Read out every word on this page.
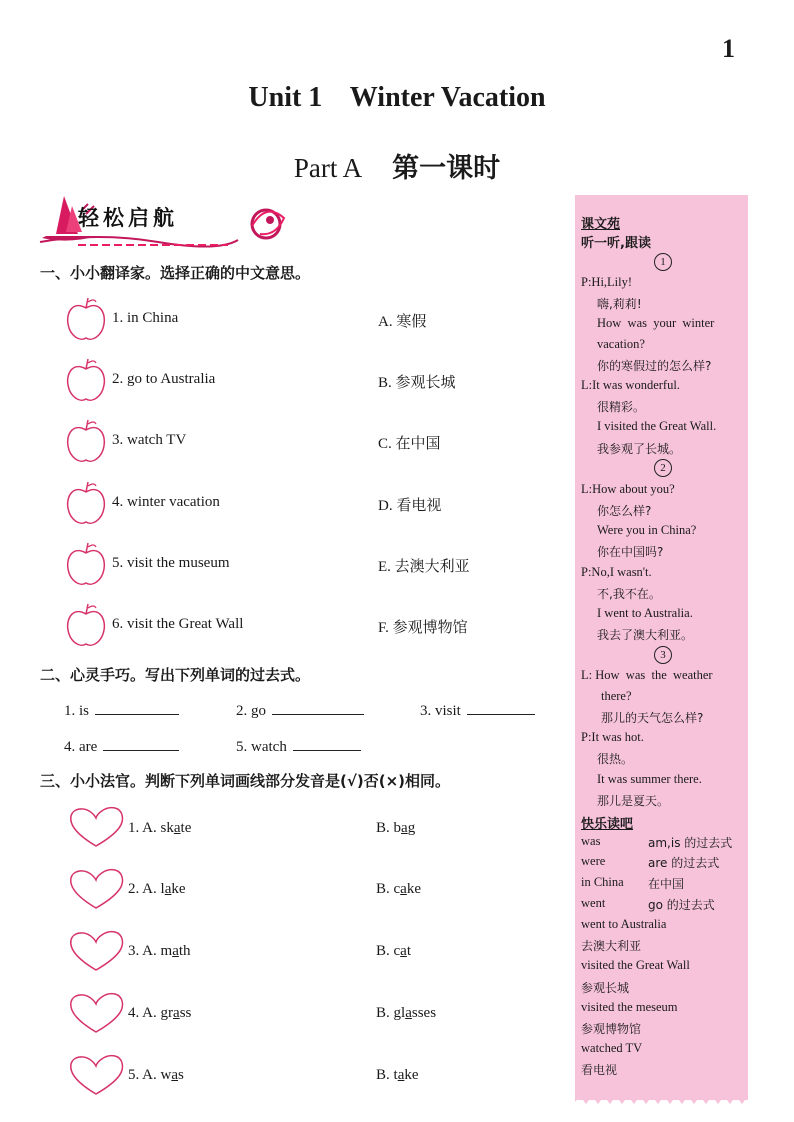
1
Unit 1    Winter Vacation
Part A 第一课时
轻松启航
一、小小翻译家。选择正确的中文意思。
1. in China	A. 寒假
2. go to Australia	B. 参观长城
3. watch TV	C. 在中国
4. winter vacation	D. 看电视
5. visit the museum	E. 去澳大利亚
6. visit the Great Wall	F. 参观博物馆
二、心灵手巧。写出下列单词的过去式。
1. is	2. go	3. visit
4. are	5. watch
三、小小法官。判断下列单词画线部分发音是(√)否(×)相同。
1. A. skate	B. bag
2. A. lake	B. cake
3. A. math	B. cat
4. A. grass	B. glasses
5. A. was	B. take
课文苑
听一听,跟读
1
P:Hi,Lily!
嗨,莉莉!
How  was  your  winter
vacation?
你的寒假过的怎么样?
L:It was wonderful.
很精彩。
I visited the Great Wall.
我参观了长城。
2
L:How about you?
你怎么样?
Were you in China?
你在中国吗?
P:No,I wasn't.
不,我不在。
I went to Australia.
我去了澳大利亚。
3
L: How  was  the  weather
there?
那儿的天气怎么样?
P:It was hot.
很热。
It was summer there.
那儿是夏天。
快乐读吧
was	am,is 的过去式
were	are 的过去式
in China 在中国
went	go 的过去式
went to Australia
去澳大利亚
visited the Great Wall
参观长城
visited the meseum
参观博物馆
watched TV
看电视
